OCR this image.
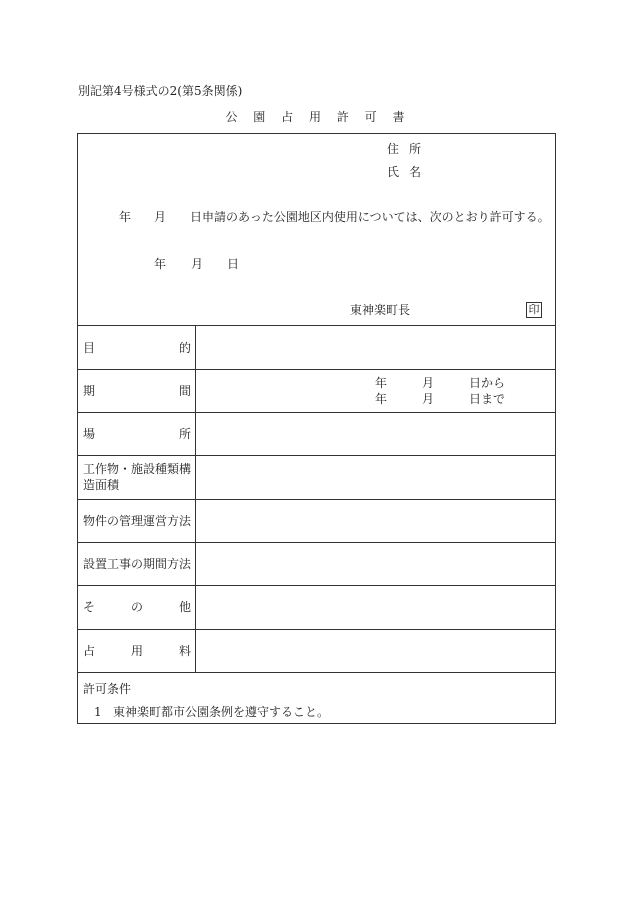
別記第4号様式の2(第5条関係)
公 園 占 用 許 可 書
住 所
氏 名
年 月 日申請のあった公園地区内使用については、次のとおり許可する。
年 月 日
東神楽町長	印
目	的
期	間
年	月	日から
年	月	日まで
場	所
工作物・施設種類構造面積
物件の管理運営方法
設置工事の期間方法
そ	の	他
占	用	料
許可条件
1 東神楽町都市公園条例を遵守すること。
